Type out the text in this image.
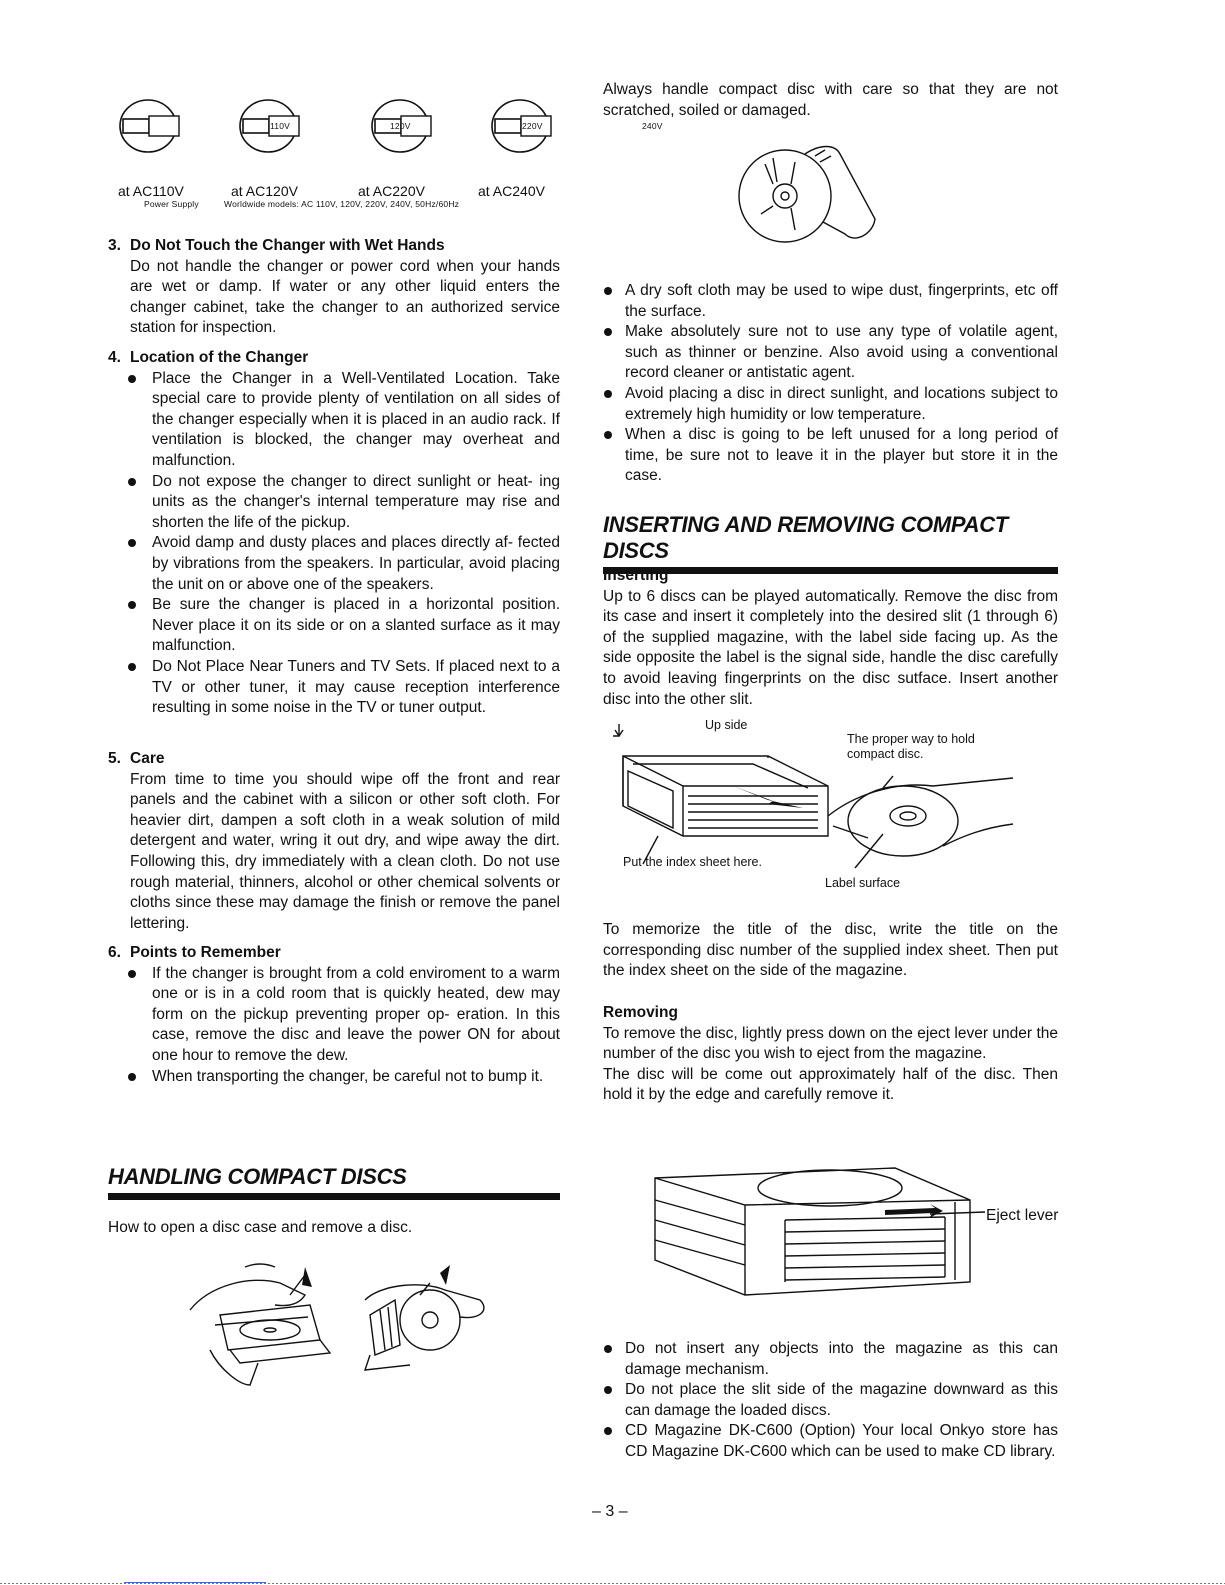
110V	120V	220V	240V
at AC110V	at AC120V	at AC220V	at AC240V
Power Supply	Worldwide models: AC 110V, 120V, 220V, 240V, 50Hz/60Hz
3. Do Not Touch the Changer with Wet Hands
Do not handle the changer or power cord when your hands are wet or damp. If water or any other liquid enters the changer cabinet, take the changer to an authorized service station for inspection.
4. Location of the Changer
Place the Changer in a Well-Ventilated Location. Take special care to provide plenty of ventilation on all sides of the changer especially when it is placed in an audio rack. If ventilation is blocked, the changer may overheat and malfunction.
Do not expose the changer to direct sunlight or heat- ing units as the changer's internal temperature may rise and shorten the life of the pickup.
Avoid damp and dusty places and places directly af- fected by vibrations from the speakers. In particular, avoid placing the unit on or above one of the speakers.
Be sure the changer is placed in a horizontal position. Never place it on its side or on a slanted surface as it may malfunction.
Do Not Place Near Tuners and TV Sets. If placed next to a TV or other tuner, it may cause reception interference resulting in some noise in the TV or tuner output.
5. Care
From time to time you should wipe off the front and rear panels and the cabinet with a silicon or other soft cloth. For heavier dirt, dampen a soft cloth in a weak solution of mild detergent and water, wring it out dry, and wipe away the dirt. Following this, dry immediately with a clean cloth. Do not use rough material, thinners, alcohol or other chemical solvents or cloths since these may damage the finish or remove the panel lettering.
6. Points to Remember
If the changer is brought from a cold enviroment to a warm one or is in a cold room that is quickly heated, dew may form on the pickup preventing proper op- eration. In this case, remove the disc and leave the power ON for about one hour to remove the dew.
When transporting the changer, be careful not to bump it.
HANDLING COMPACT DISCS
How to open a disc case and remove a disc.
Always handle compact disc with care so that they are not scratched, soiled or damaged.
A dry soft cloth may be used to wipe dust, fingerprints, etc off the surface.
Make absolutely sure not to use any type of volatile agent, such as thinner or benzine. Also avoid using a conventional record cleaner or antistatic agent.
Avoid placing a disc in direct sunlight, and locations subject to extremely high humidity or low temperature.
When a disc is going to be left unused for a long period of time, be sure not to leave it in the player but store it in the case.
INSERTING AND REMOVING COMPACT DISCS
Inserting
Up to 6 discs can be played automatically. Remove the disc from its case and insert it completely into the desired slit (1 through 6) of the supplied magazine, with the label side facing up. As the side opposite the label is the signal side, handle the disc carefully to avoid leaving fingerprints on the disc sutface. Insert another disc into the other slit.
Up side
The proper way to hold compact disc.
Put the index sheet here.
Label surface
To memorize the title of the disc, write the title on the corresponding disc number of the supplied index sheet. Then put the index sheet on the side of the magazine.
Removing
To remove the disc, lightly press down on the eject lever under the number of the disc you wish to eject from the magazine.
The disc will be come out approximately half of the disc. Then hold it by the edge and carefully remove it.
Eject lever
Do not insert any objects into the magazine as this can damage mechanism.
Do not place the slit side of the magazine downward as this can damage the loaded discs.
CD Magazine DK-C600 (Option) Your local Onkyo store has CD Magazine DK-C600 which can be used to make CD library.
– 3 –
